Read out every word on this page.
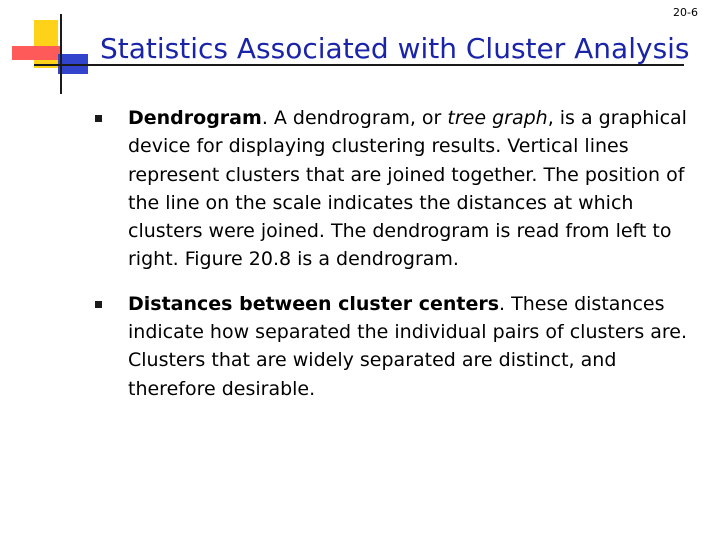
20-6
Statistics Associated with Cluster Analysis
Dendrogram. A dendrogram, or tree graph, is a graphical device for displaying clustering results. Vertical lines represent clusters that are joined together. The position of the line on the scale indicates the distances at which clusters were joined. The dendrogram is read from left to right. Figure 20.8 is a dendrogram.
Distances between cluster centers. These distances indicate how separated the individual pairs of clusters are. Clusters that are widely separated are distinct, and therefore desirable.
